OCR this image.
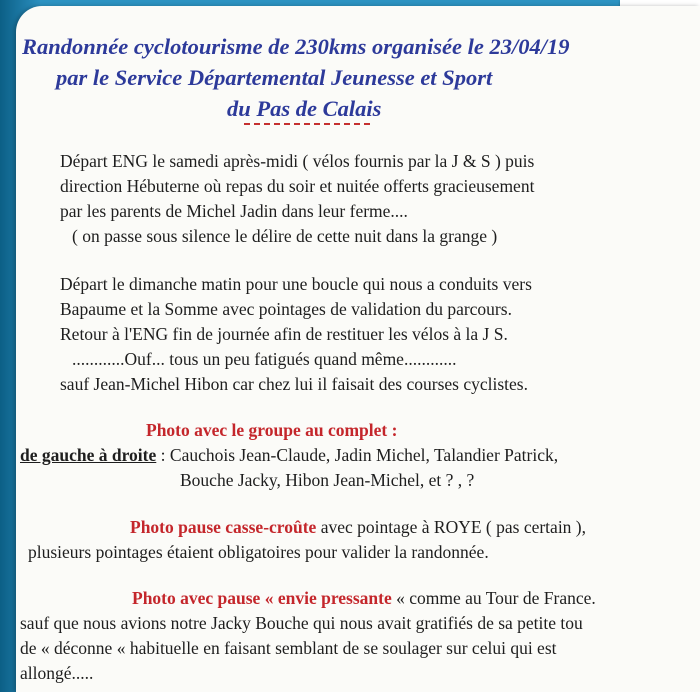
Randonnée cyclotourisme de 230kms organisée le 23/04/19
par le Service Départemental Jeunesse et Sport
du Pas de Calais
Départ ENG le samedi après-midi ( vélos fournis par la J & S ) puis
direction Hébuterne où repas du soir et nuitée offerts gracieusement
par les parents de Michel Jadin dans leur ferme....
( on passe sous silence le délire de cette nuit dans la grange )
Départ le dimanche matin pour une boucle qui nous a conduits vers
Bapaume et la Somme avec pointages de validation du parcours.
Retour à l'ENG fin de journée afin de restituer les vélos à la J S.
............Ouf... tous un peu fatigués quand même............
sauf Jean-Michel Hibon car chez lui il faisait des courses cyclistes.
Photo avec le groupe au complet :
de gauche à droite : Cauchois Jean-Claude, Jadin Michel, Talandier Patrick,
Bouche Jacky, Hibon Jean-Michel, et ? , ?
Photo pause casse-croûte avec pointage à ROYE ( pas certain ),
plusieurs pointages étaient obligatoires pour valider la randonnée.
Photo avec pause « envie pressante « comme au Tour de France.
sauf que nous avions notre Jacky Bouche qui nous avait gratifiés de sa petite tou
de « déconne « habituelle en faisant semblant de se soulager sur celui qui est
allongé.....
